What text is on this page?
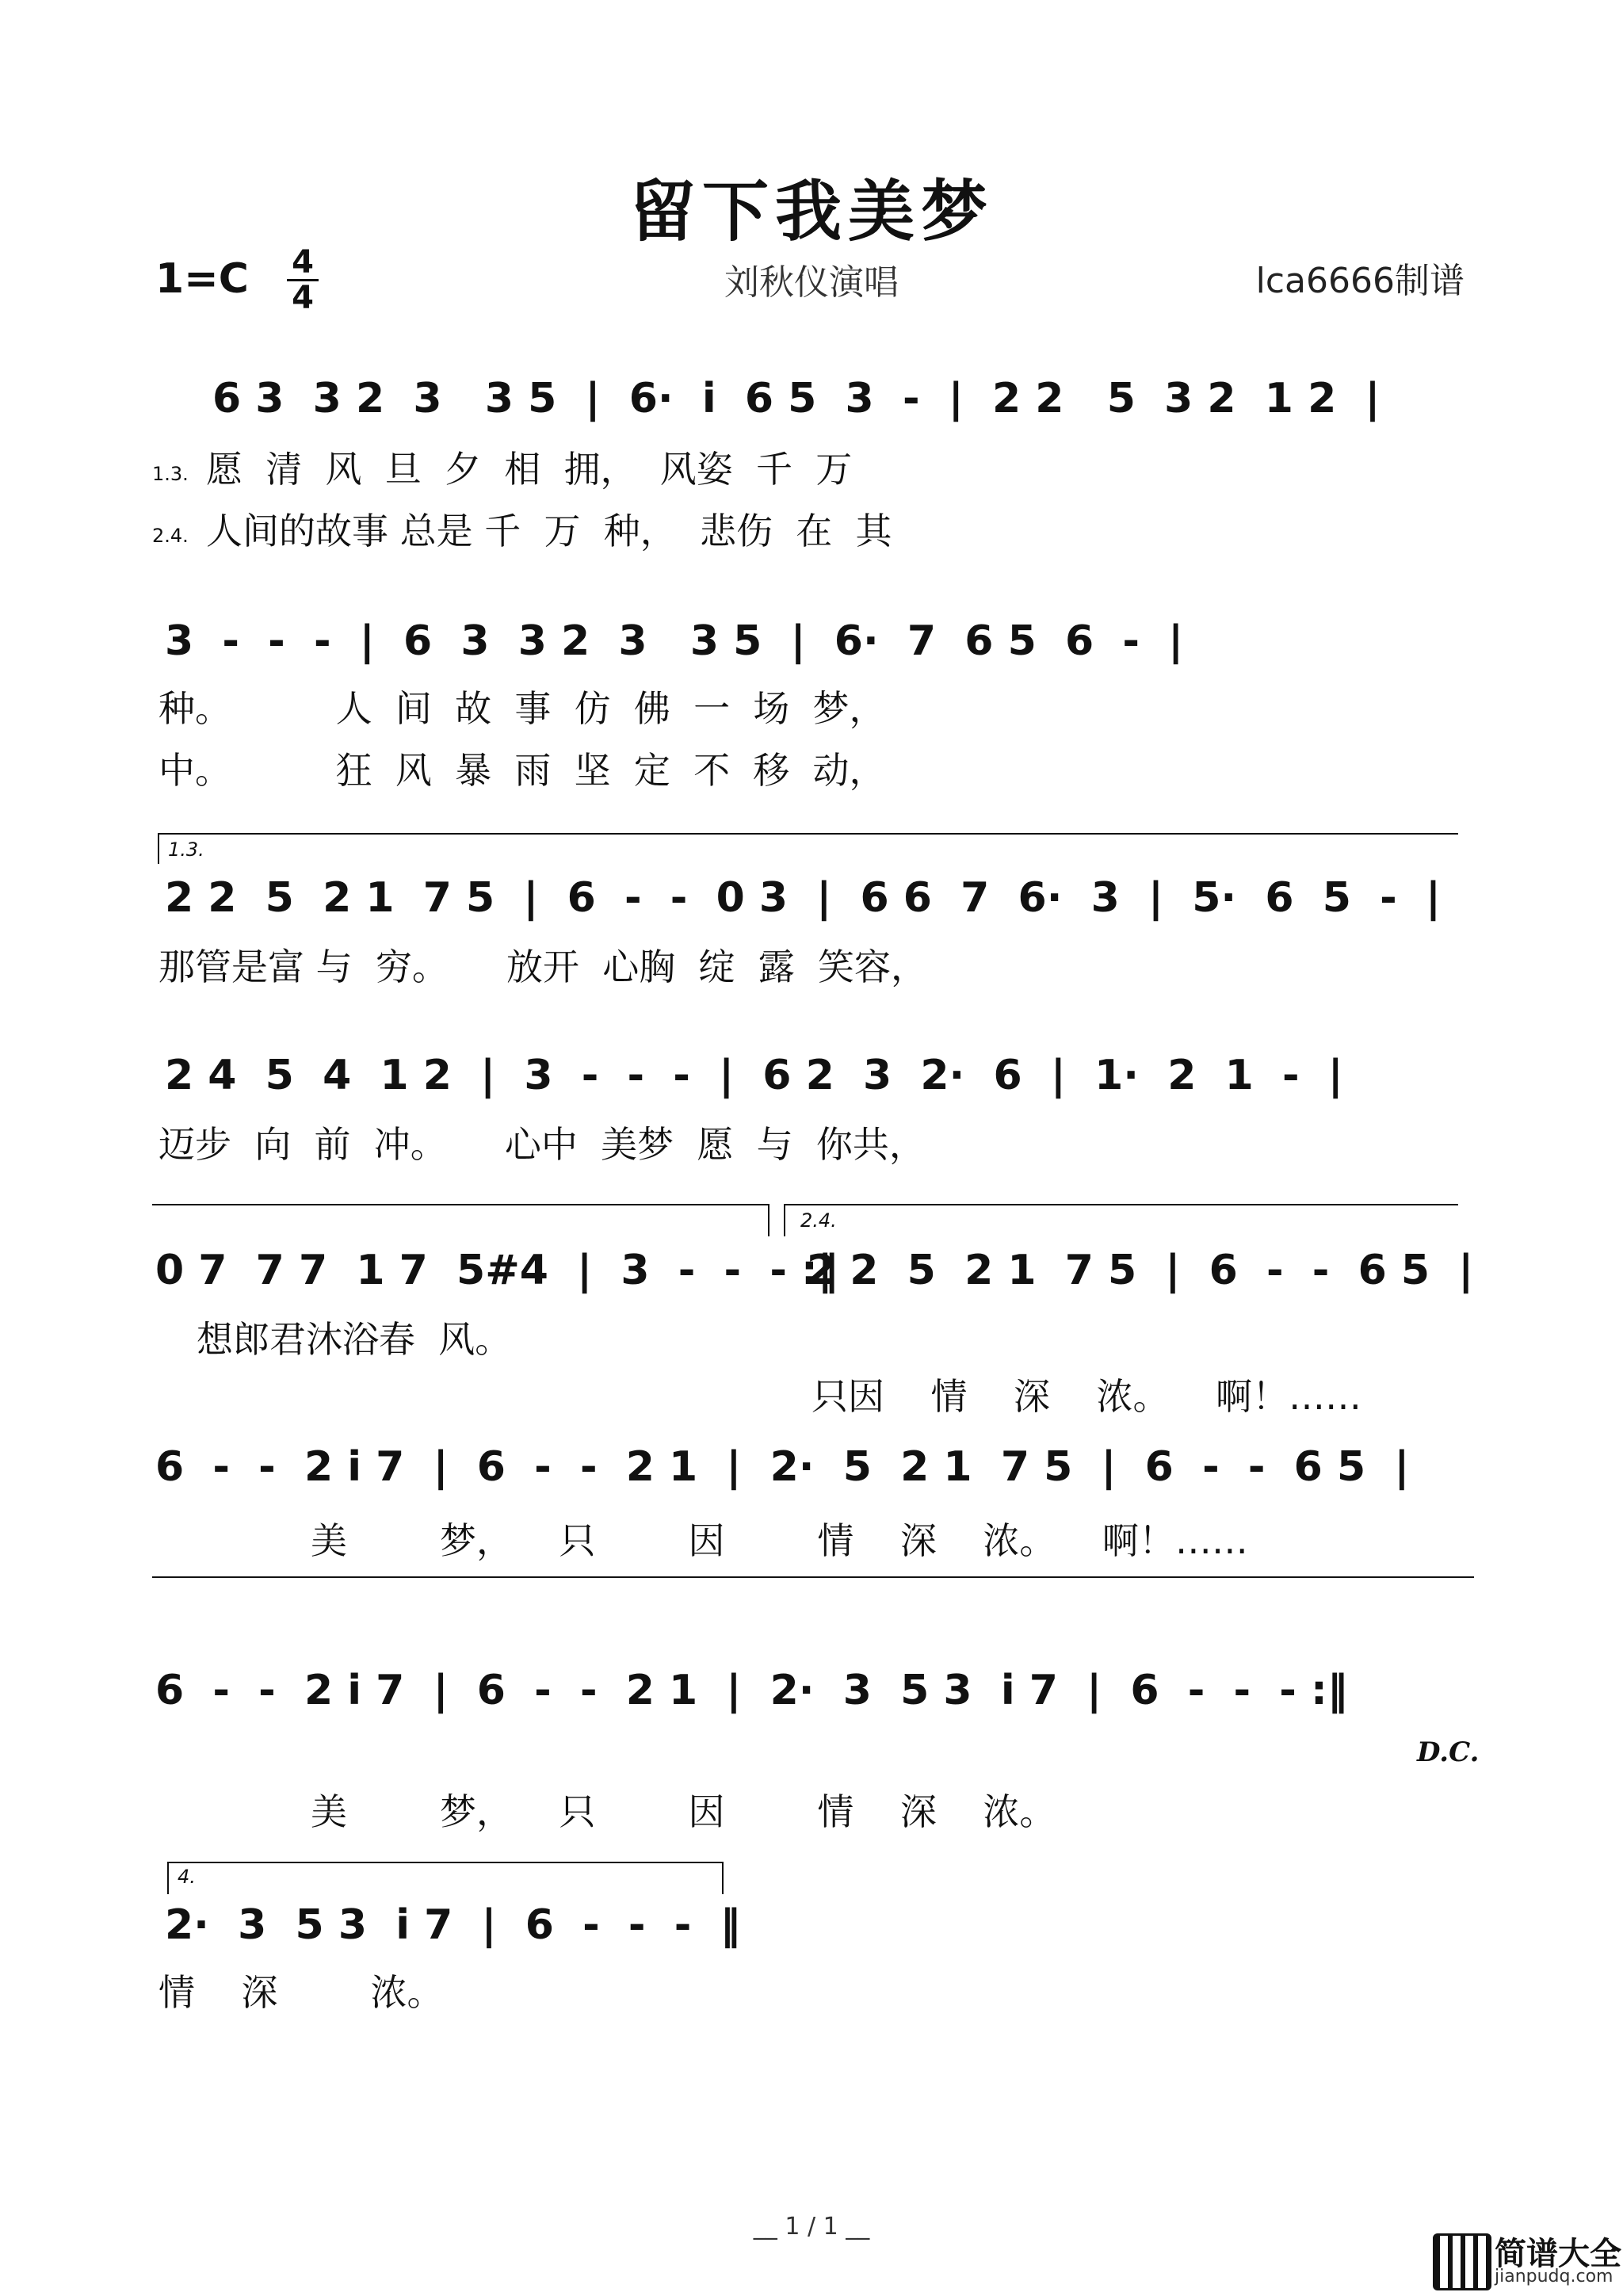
留下我美梦
1=C 4
4	刘秋仪演唱	lca6666制谱
6 3  3 2  3   3 5  |  6·  i  6 5  3  -  |  2 2   5  3 2  1 2  |
1.3. 愿  清  风  旦  夕  相  拥，  风姿  千  万
2.4. 人间的故事 总是 千  万  种，  悲伤  在  其
3  -  -  -  |  6  3  3 2  3   3 5  |  6·  7  6 5  6  -  |
种。         人  间  故  事  仿  佛  一  场  梦，
中。         狂  风  暴  雨  坚  定  不  移  动，
1.3.
2 2  5  2 1  7 5  |  6  -  -  0 3  |  6 6  7  6·  3  |  5·  6  5  -  |
那管是富 与  穷。     放开  心胸  绽  露  笑容，
2 4  5  4  1 2  |  3  -  -  -  |  6 2  3  2·  6  |  1·  2  1  -  |
迈步  向  前  冲。     心中  美梦  愿  与  你共，
2.4.
0 7  7 7  1 7  5#4  |  3  -  -  - :‖
2 2  5  2 1  7 5  |  6  -  -  6 5  |
想郎君沐浴春  风。
只因    情    深    浓。    啊！……
6  -  -  2 i 7  |  6  -  -  2 1  |  2·  5  2 1  7 5  |  6  -  -  6 5  |
美        梦，    只        因        情    深    浓。    啊！……
6  -  -  2 i 7  |  6  -  -  2 1  |  2·  3  5 3  i 7  |  6  -  -  - :‖
D.C.
美        梦，    只        因        情    深    浓。
4.
2·  3  5 3  i 7  |  6  -  -  -  ‖
情    深        浓。
__ 1 / 1 __
简谱大全
jianpudq.com
